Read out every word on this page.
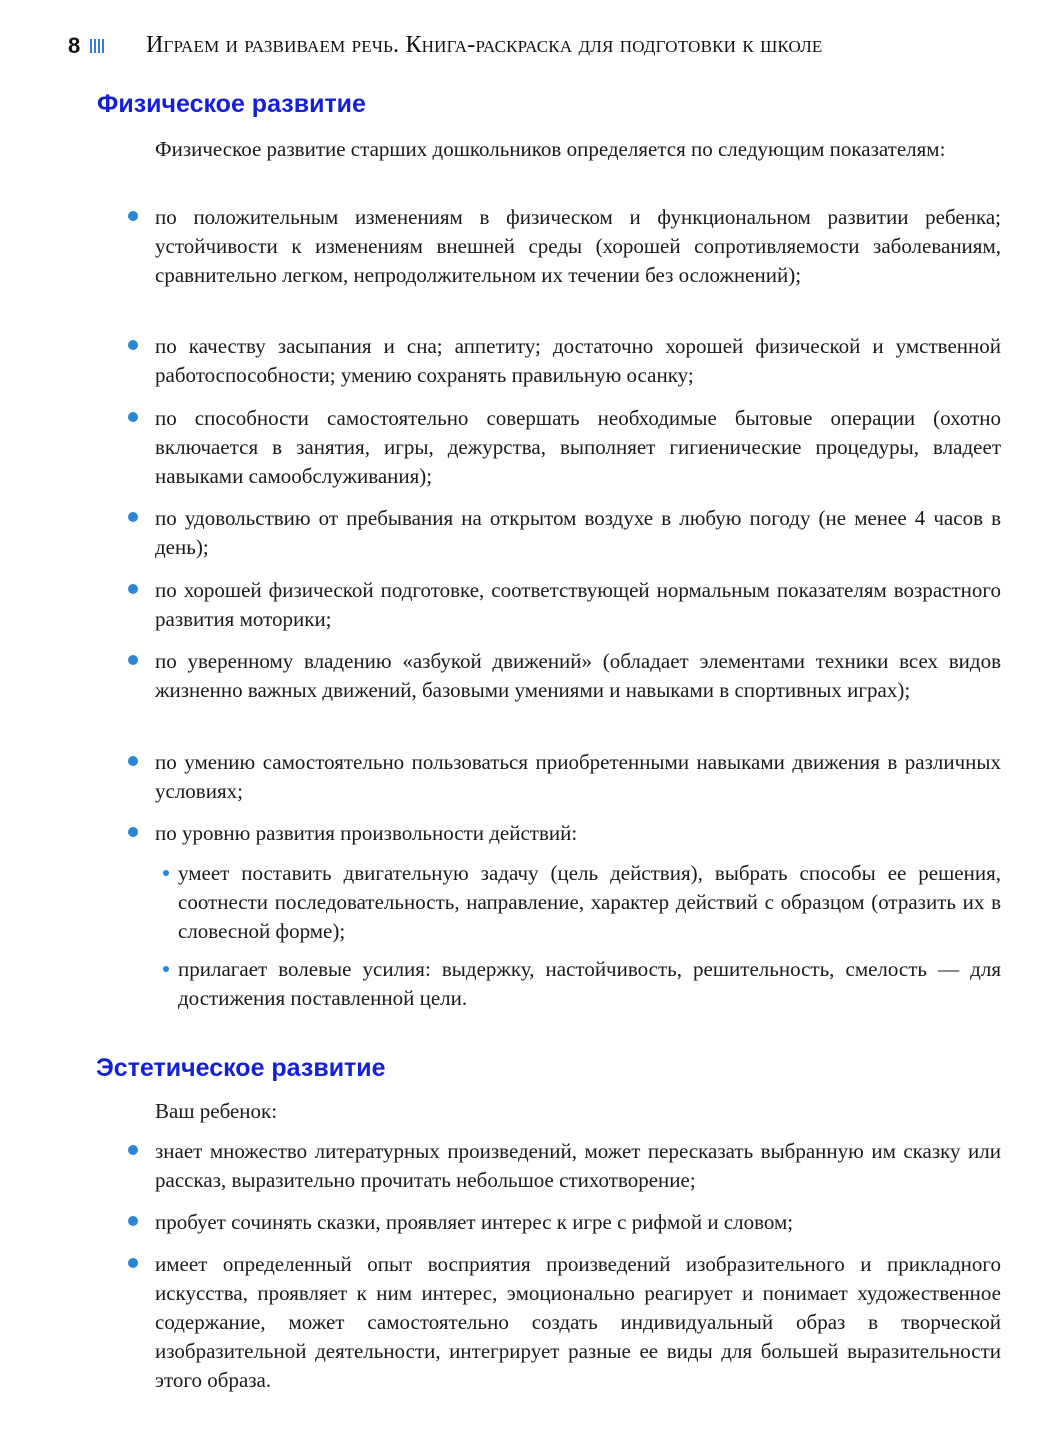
8	Играем и развиваем речь. Книга-раскраска для подготовки к школе
Физическое развитие
Физическое развитие старших дошкольников определяется по следующим показателям:
по положительным изменениям в физическом и функциональном развитии ребенка; устойчивости к изменениям внешней среды (хорошей сопротивляемости заболеваниям, сравнительно легком, непродолжительном их течении без осложнений);
по качеству засыпания и сна; аппетиту; достаточно хорошей физической и умственной работоспособности; умению сохранять правильную осанку;
по способности самостоятельно совершать необходимые бытовые операции (охотно включается в занятия, игры, дежурства, выполняет гигиенические процедуры, владеет навыками самообслуживания);
по удовольствию от пребывания на открытом воздухе в любую погоду (не менее 4 часов в день);
по хорошей физической подготовке, соответствующей нормальным показателям возрастного развития моторики;
по уверенному владению «азбукой движений» (обладает элементами техники всех видов жизненно важных движений, базовыми умениями и навыками в спортивных играх);
по умению самостоятельно пользоваться приобретенными навыками движения в различных условиях;
по уровню развития произвольности действий:
умеет поставить двигательную задачу (цель действия), выбрать способы ее решения, соотнести последовательность, направление, характер действий с образцом (отразить их в словесной форме);
прилагает волевые усилия: выдержку, настойчивость, решительность, смелость — для достижения поставленной цели.
Эстетическое развитие
Ваш ребенок:
знает множество литературных произведений, может пересказать выбранную им сказку или рассказ, выразительно прочитать небольшое стихотворение;
пробует сочинять сказки, проявляет интерес к игре с рифмой и словом;
имеет определенный опыт восприятия произведений изобразительного и прикладного искусства, проявляет к ним интерес, эмоционально реагирует и понимает художественное содержание, может самостоятельно создать индивидуальный образ в творческой изобразительной деятельности, интегрирует разные ее виды для большей выразительности этого образа.
